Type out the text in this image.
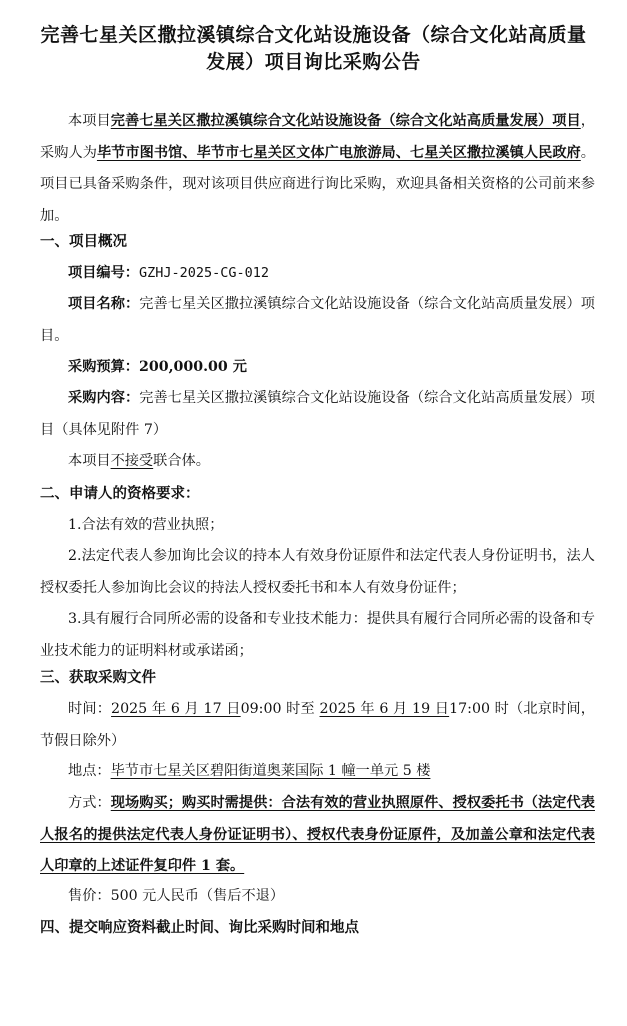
完善七星关区撒拉溪镇综合文化站设施设备（综合文化站高质量
发展）项目询比采购公告
本项目完善七星关区撒拉溪镇综合文化站设施设备（综合文化站高质量发展）项目，采购人为毕节市图书馆、毕节市七星关区文体广电旅游局、七星关区撒拉溪镇人民政府。项目已具备采购条件，现对该项目供应商进行询比采购，欢迎具备相关资格的公司前来参加。
一、项目概况
项目编号：GZHJ-2025-CG-012
项目名称：完善七星关区撒拉溪镇综合文化站设施设备（综合文化站高质量发展）项目。
采购预算：200,000.00 元
采购内容：完善七星关区撒拉溪镇综合文化站设施设备（综合文化站高质量发展）项目（具体见附件 7）
本项目不接受联合体。
二、申请人的资格要求：
1.合法有效的营业执照；
2.法定代表人参加询比会议的持本人有效身份证原件和法定代表人身份证明书，法人授权委托人参加询比会议的持法人授权委托书和本人有效身份证件；
3.具有履行合同所必需的设备和专业技术能力：提供具有履行合同所必需的设备和专业技术能力的证明料材或承诺函；
三、获取采购文件
时间：2025 年 6 月 17 日09:00 时至 2025 年 6 月 19 日17:00 时（北京时间，节假日除外）
地点：毕节市七星关区碧阳街道奥莱国际 1 幢一单元 5 楼
方式：现场购买；购买时需提供：合法有效的营业执照原件、授权委托书（法定代表人报名的提供法定代表人身份证证明书）、授权代表身份证原件，及加盖公章和法定代表人印章的上述证件复印件 1 套。
售价：500 元人民币（售后不退）
四、提交响应资料截止时间、询比采购时间和地点
